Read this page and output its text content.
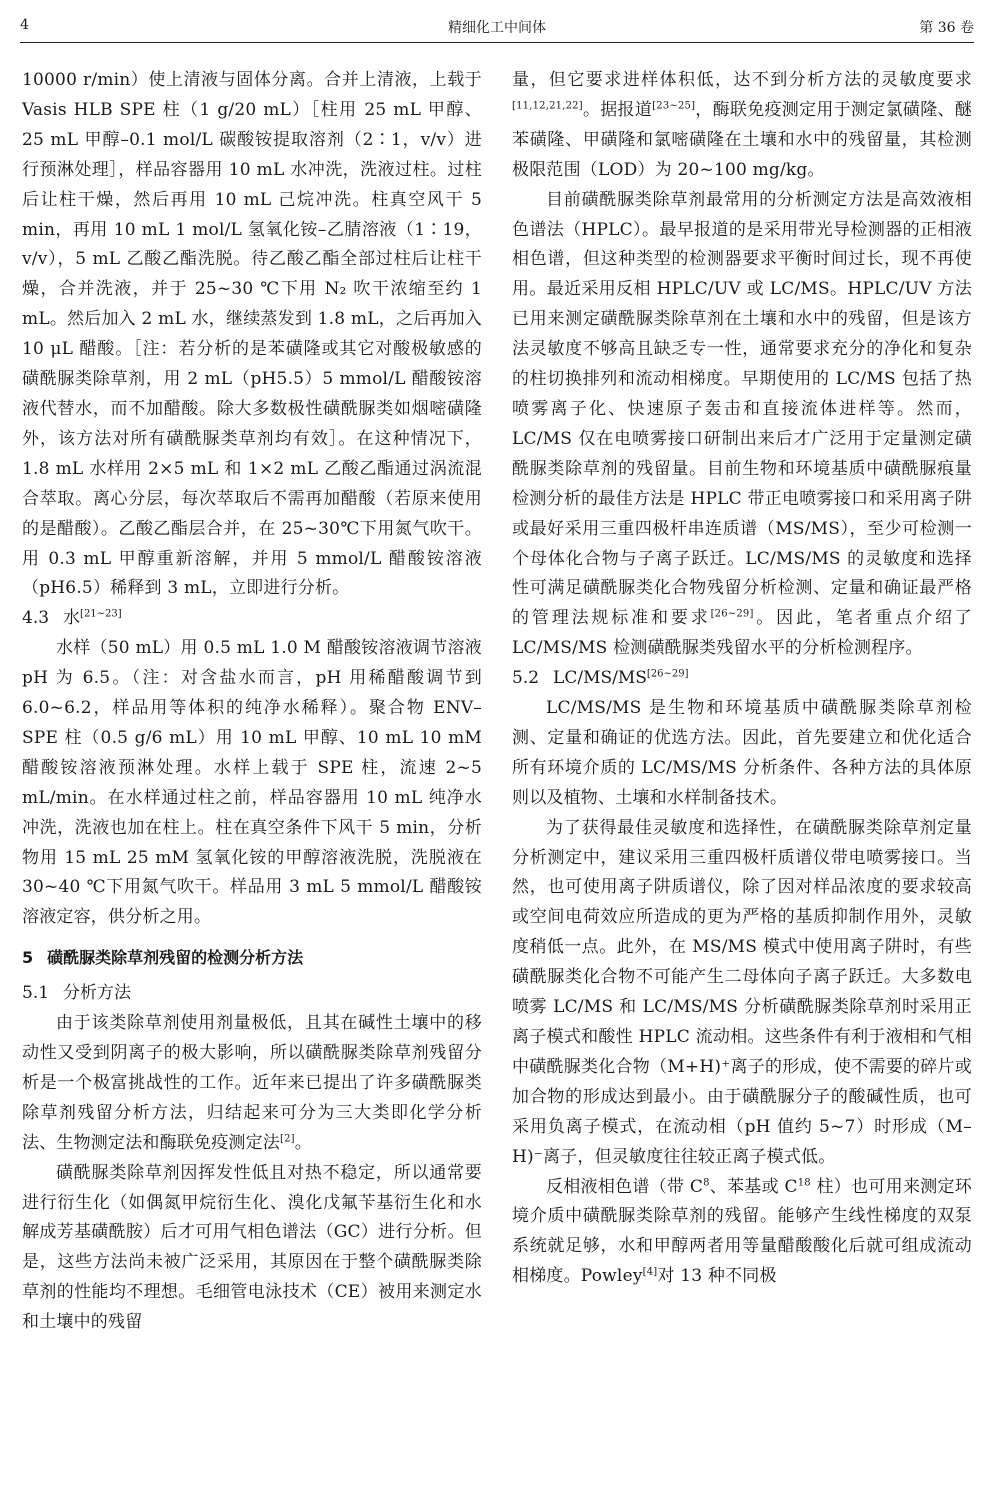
4	精细化工中间体	第 36 卷

10000 r/min）使上清液与固体分离。合并上清液，上载于 Vasis HLB SPE 柱（1 g/20 mL）［柱用 25 mL 甲醇、25 mL 甲醇–0.1 mol/L 碳酸铵提取溶剂（2∶1，v/v）进行预淋处理］，样品容器用 10 mL 水冲洗，洗液过柱。过柱后让柱干燥，然后再用 10 mL 己烷冲洗。柱真空风干 5 min，再用 10 mL 1 mol/L 氢氧化铵–乙腈溶液（1∶19，v/v），5 mL 乙酸乙酯洗脱。待乙酸乙酯全部过柱后让柱干燥，合并洗液，并于 25~30 ℃下用 N₂ 吹干浓缩至约 1 mL。然后加入 2 mL 水，继续蒸发到 1.8 mL，之后再加入 10 μL 醋酸。［注：若分析的是苯磺隆或其它对酸极敏感的磺酰脲类除草剂，用 2 mL（pH5.5）5 mmol/L 醋酸铵溶液代替水，而不加醋酸。除大多数极性磺酰脲类如烟嘧磺隆外，该方法对所有磺酰脲类草剂均有效］。在这种情况下，1.8 mL 水样用 2×5 mL 和 1×2 mL 乙酸乙酯通过涡流混合萃取。离心分层，每次萃取后不需再加醋酸（若原来使用的是醋酸）。乙酸乙酯层合并，在 25~30℃下用氮气吹干。用 0.3 mL 甲醇重新溶解，并用 5 mmol/L 醋酸铵溶液（pH6.5）稀释到 3 mL，立即进行分析。

4.3 水[21~23]

水样（50 mL）用 0.5 mL 1.0 M 醋酸铵溶液调节溶液 pH 为 6.5。（注：对含盐水而言，pH 用稀醋酸调节到 6.0~6.2，样品用等体积的纯净水稀释）。聚合物 ENV–SPE 柱（0.5 g/6 mL）用 10 mL 甲醇、10 mL 10 mM 醋酸铵溶液预淋处理。水样上载于 SPE 柱，流速 2~5 mL/min。在水样通过柱之前，样品容器用 10 mL 纯净水冲洗，洗液也加在柱上。柱在真空条件下风干 5 min，分析物用 15 mL 25 mM 氢氧化铵的甲醇溶液洗脱，洗脱液在 30~40 ℃下用氮气吹干。样品用 3 mL 5 mmol/L 醋酸铵溶液定容，供分析之用。

5 磺酰脲类除草剂残留的检测分析方法
5.1 分析方法

由于该类除草剂使用剂量极低，且其在碱性土壤中的移动性又受到阴离子的极大影响，所以磺酰脲类除草剂残留分析是一个极富挑战性的工作。近年来已提出了许多磺酰脲类除草剂残留分析方法，归结起来可分为三大类即化学分析法、生物测定法和酶联免疫测定法[2]。

磺酰脲类除草剂因挥发性低且对热不稳定，所以通常要进行衍生化（如偶氮甲烷衍生化、溴化戊氟苄基衍生化和水解成芳基磺酰胺）后才可用气相色谱法（GC）进行分析。但是，这些方法尚未被广泛采用，其原因在于整个磺酰脲类除草剂的性能均不理想。毛细管电泳技术（CE）被用来测定水和土壤中的残留

量，但它要求进样体积低，达不到分析方法的灵敏度要求[11,12,21,22]。据报道[23~25]，酶联免疫测定用于测定氯磺隆、醚苯磺隆、甲磺隆和氯嘧磺隆在土壤和水中的残留量，其检测极限范围（LOD）为 20~100 mg/kg。

目前磺酰脲类除草剂最常用的分析测定方法是高效液相色谱法（HPLC）。最早报道的是采用带光导检测器的正相液相色谱，但这种类型的检测器要求平衡时间过长，现不再使用。最近采用反相 HPLC/UV 或 LC/MS。HPLC/UV 方法已用来测定磺酰脲类除草剂在土壤和水中的残留，但是该方法灵敏度不够高且缺乏专一性，通常要求充分的净化和复杂的柱切换排列和流动相梯度。早期使用的 LC/MS 包括了热喷雾离子化、快速原子轰击和直接流体进样等。然而，LC/MS 仅在电喷雾接口研制出来后才广泛用于定量测定磺酰脲类除草剂的残留量。目前生物和环境基质中磺酰脲痕量检测分析的最佳方法是 HPLC 带正电喷雾接口和采用离子阱或最好采用三重四极杆串连质谱（MS/MS），至少可检测一个母体化合物与子离子跃迁。LC/MS/MS 的灵敏度和选择性可满足磺酰脲类化合物残留分析检测、定量和确证最严格的管理法规标准和要求[26~29]。因此，笔者重点介绍了 LC/MS/MS 检测磺酰脲类残留水平的分析检测程序。

5.2 LC/MS/MS[26~29]

LC/MS/MS 是生物和环境基质中磺酰脲类除草剂检测、定量和确证的优选方法。因此，首先要建立和优化适合所有环境介质的 LC/MS/MS 分析条件、各种方法的具体原则以及植物、土壤和水样制备技术。

为了获得最佳灵敏度和选择性，在磺酰脲类除草剂定量分析测定中，建议采用三重四极杆质谱仪带电喷雾接口。当然，也可使用离子阱质谱仪，除了因对样品浓度的要求较高或空间电荷效应所造成的更为严格的基质抑制作用外，灵敏度稍低一点。此外，在 MS/MS 模式中使用离子阱时，有些磺酰脲类化合物不可能产生二母体向子离子跃迁。大多数电喷雾 LC/MS 和 LC/MS/MS 分析磺酰脲类除草剂时采用正离子模式和酸性 HPLC 流动相。这些条件有利于液相和气相中磺酰脲类化合物（M+H)⁺离子的形成，使不需要的碎片或加合物的形成达到最小。由于磺酰脲分子的酸碱性质，也可采用负离子模式，在流动相（pH 值约 5~7）时形成（M–H)⁻离子，但灵敏度往往较正离子模式低。

反相液相色谱（带 $C^8$、苯基或 $C^{18}$ 柱）也可用来测定环境介质中磺酰脲类除草剂的残留。能够产生线性梯度的双泵系统就足够，水和甲醇两者用等量醋酸酸化后就可组成流动相梯度。Powley[4]对 13 种不同极
